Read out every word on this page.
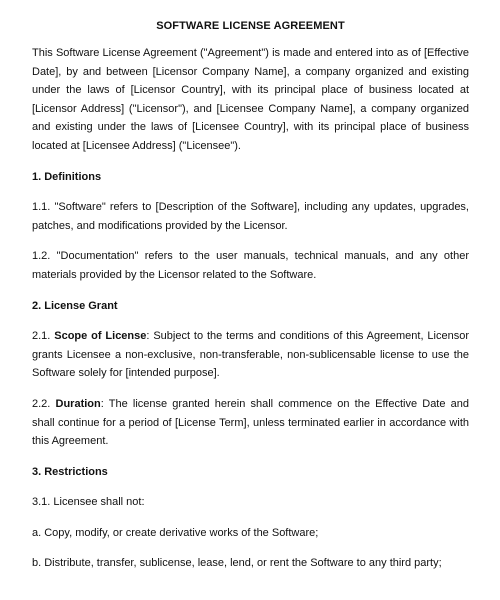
SOFTWARE LICENSE AGREEMENT

This Software License Agreement ("Agreement") is made and entered into as of [Effective Date], by and between [Licensor Company Name], a company organized and existing under the laws of [Licensor Country], with its principal place of business located at [Licensor Address] ("Licensor"), and [Licensee Company Name], a company organized and existing under the laws of [Licensee Country], with its principal place of business located at [Licensee Address] ("Licensee").

1. Definitions

1.1. "Software" refers to [Description of the Software], including any updates, upgrades, patches, and modifications provided by the Licensor.

1.2. "Documentation" refers to the user manuals, technical manuals, and any other materials provided by the Licensor related to the Software.

2. License Grant

2.1. Scope of License: Subject to the terms and conditions of this Agreement, Licensor grants Licensee a non-exclusive, non-transferable, non-sublicensable license to use the Software solely for [intended purpose].

2.2. Duration: The license granted herein shall commence on the Effective Date and shall continue for a period of [License Term], unless terminated earlier in accordance with this Agreement.

3. Restrictions

3.1. Licensee shall not:

a. Copy, modify, or create derivative works of the Software;

b. Distribute, transfer, sublicense, lease, lend, or rent the Software to any third party;
